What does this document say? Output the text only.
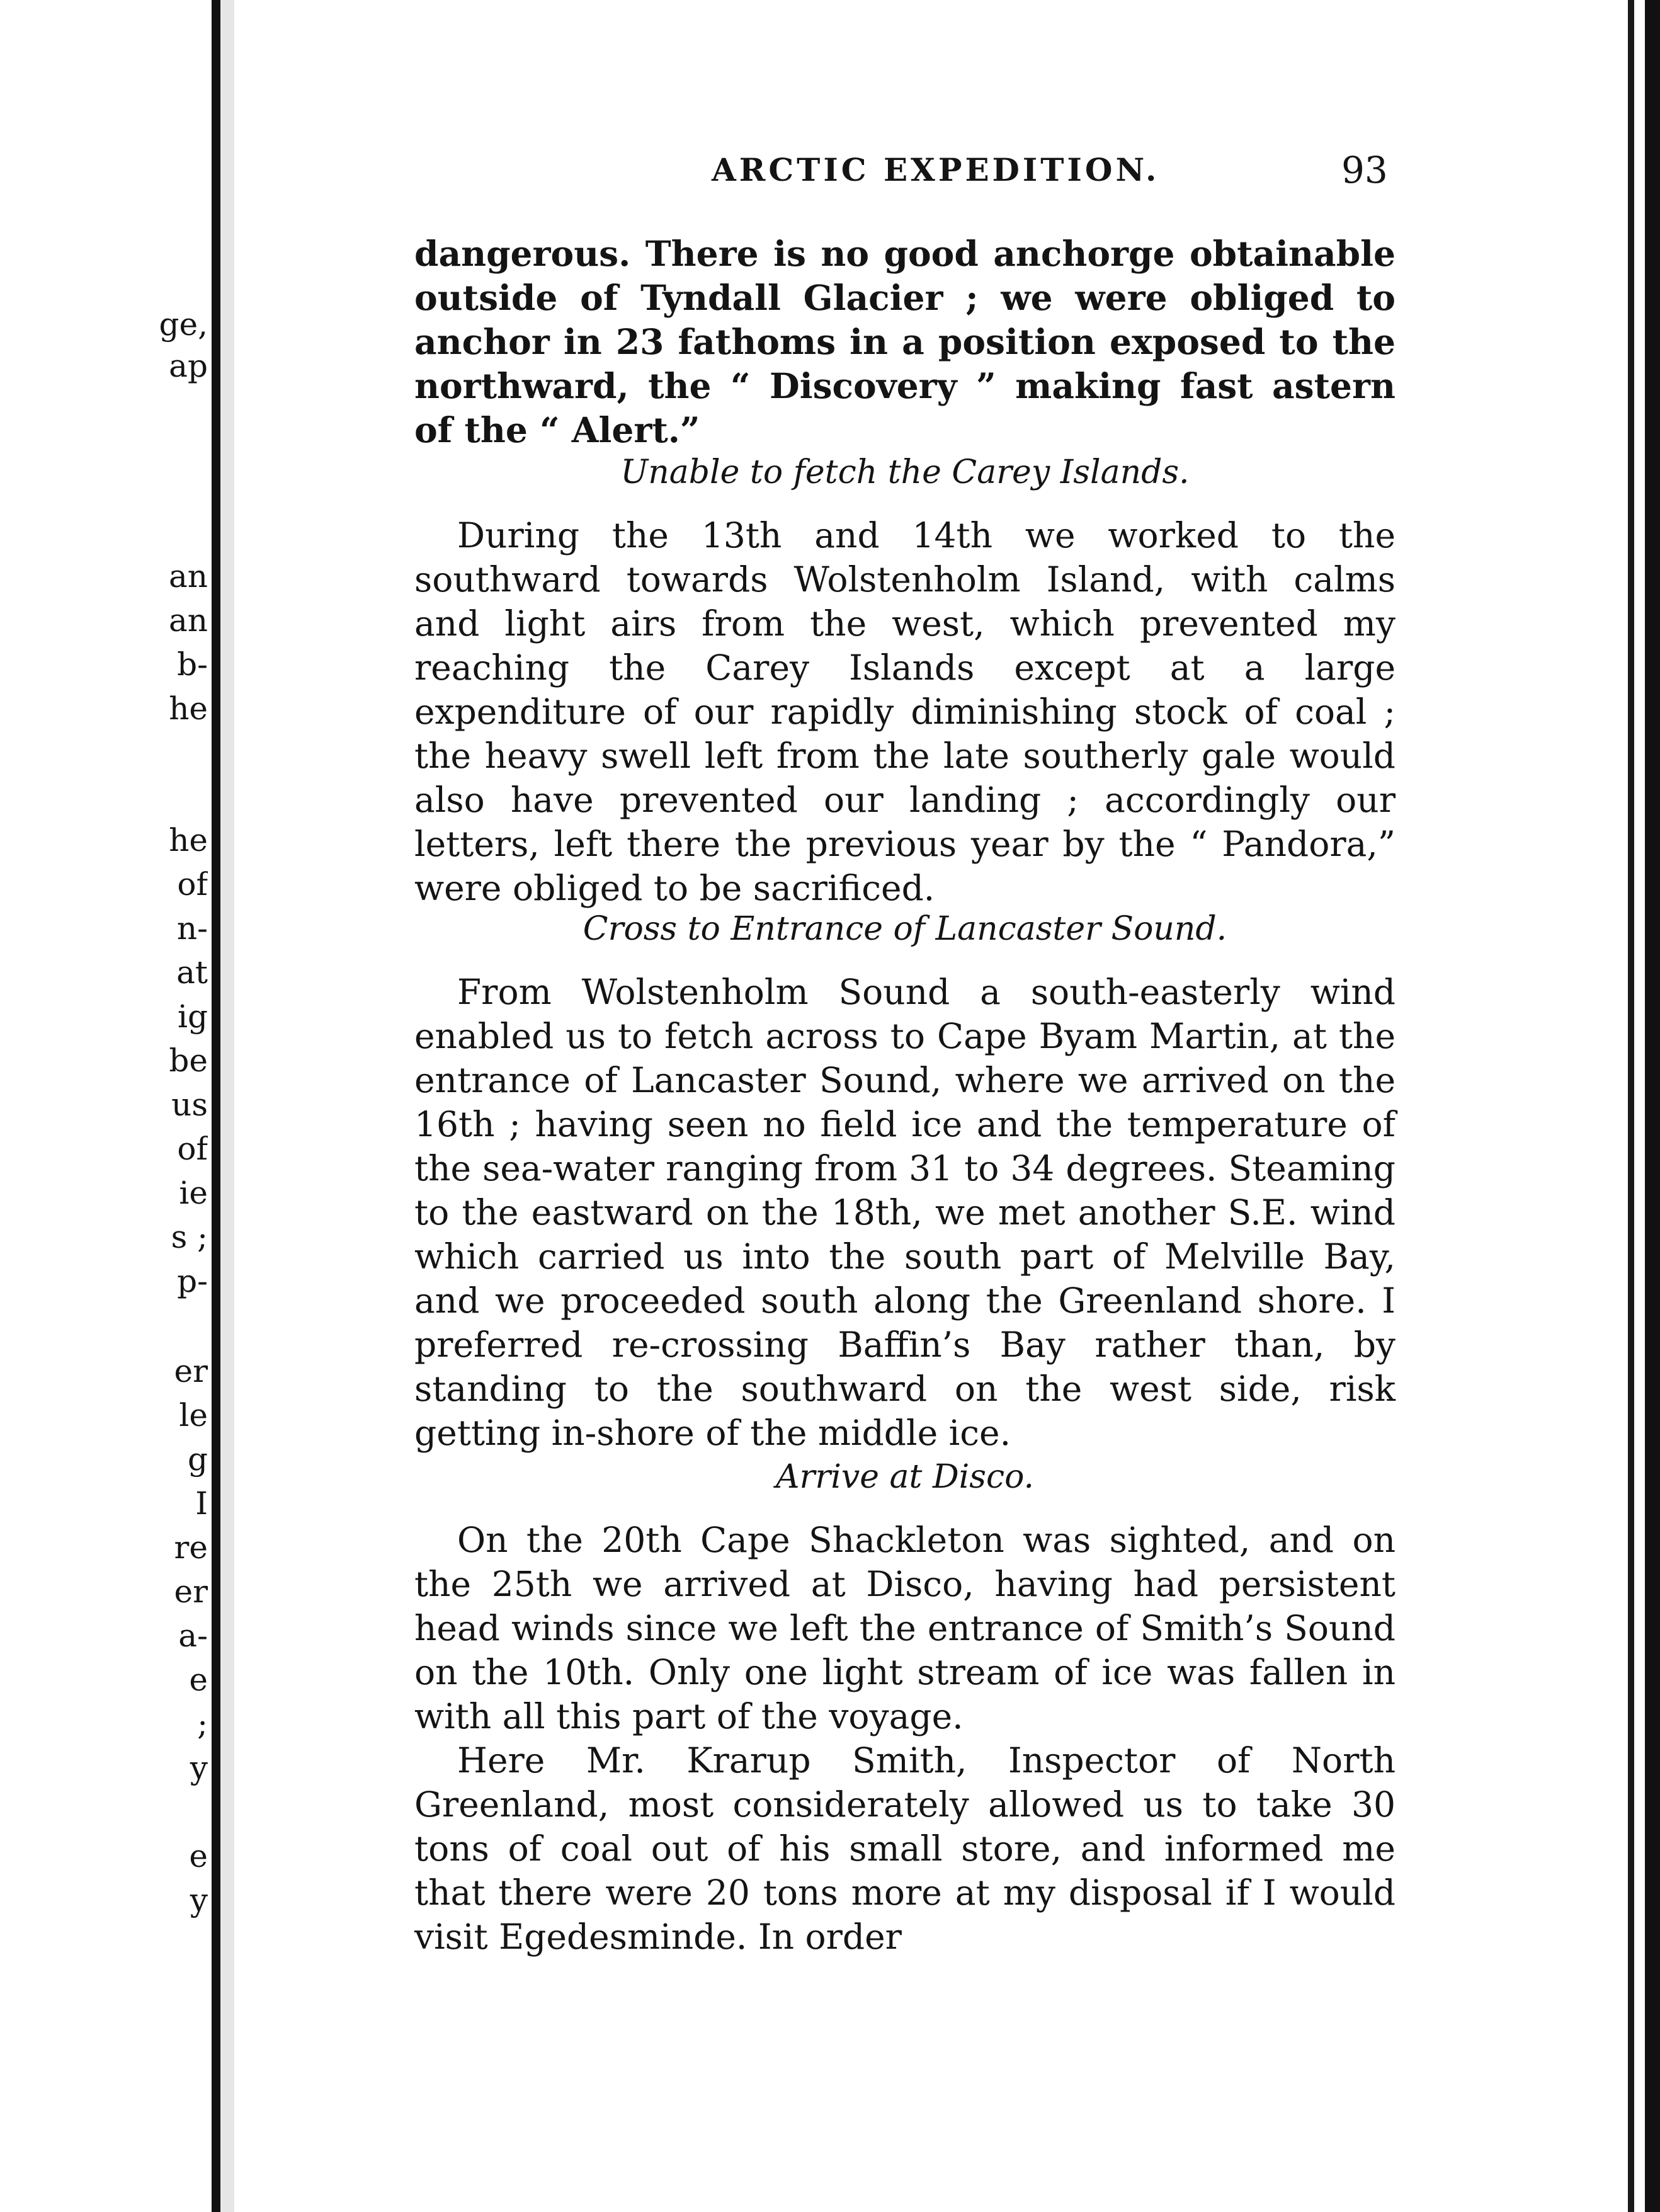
ge,
ap
an
an
b-
he
he
of
n-
at
ig
be
us
of
ie
s ;
p-
er
le
g
I
re
er
a-
e
;
y
e
y
ARCTIC EXPEDITION.	93

dangerous. There is no good anchorge obtainable outside of Tyndall Glacier ; we were obliged to anchor in 23 fathoms in a position exposed to the northward, the “ Discovery ” making fast astern of the “ Alert.”

Unable to fetch the Carey Islands.

During the 13th and 14th we worked to the southward towards Wolstenholm Island, with calms and light airs from the west, which prevented my reaching the Carey Islands except at a large expenditure of our rapidly diminishing stock of coal ; the heavy swell left from the late southerly gale would also have prevented our landing ; accordingly our letters, left there the previous year by the “ Pandora,” were obliged to be sacrificed.

Cross to Entrance of Lancaster Sound.

From Wolstenholm Sound a south-easterly wind enabled us to fetch across to Cape Byam Martin, at the entrance of Lancaster Sound, where we arrived on the 16th ; having seen no field ice and the temperature of the sea-water ranging from 31 to 34 degrees. Steaming to the eastward on the 18th, we met another S.E. wind which carried us into the south part of Melville Bay, and we proceeded south along the Greenland shore. I preferred re-crossing Baffin’s Bay rather than, by standing to the southward on the west side, risk getting in-shore of the middle ice.

Arrive at Disco.

On the 20th Cape Shackleton was sighted, and on the 25th we arrived at Disco, having had persistent head winds since we left the entrance of Smith’s Sound on the 10th. Only one light stream of ice was fallen in with all this part of the voyage.

Here Mr. Krarup Smith, Inspector of North Greenland, most considerately allowed us to take 30 tons of coal out of his small store, and informed me that there were 20 tons more at my disposal if I would visit Egedesminde. In order
